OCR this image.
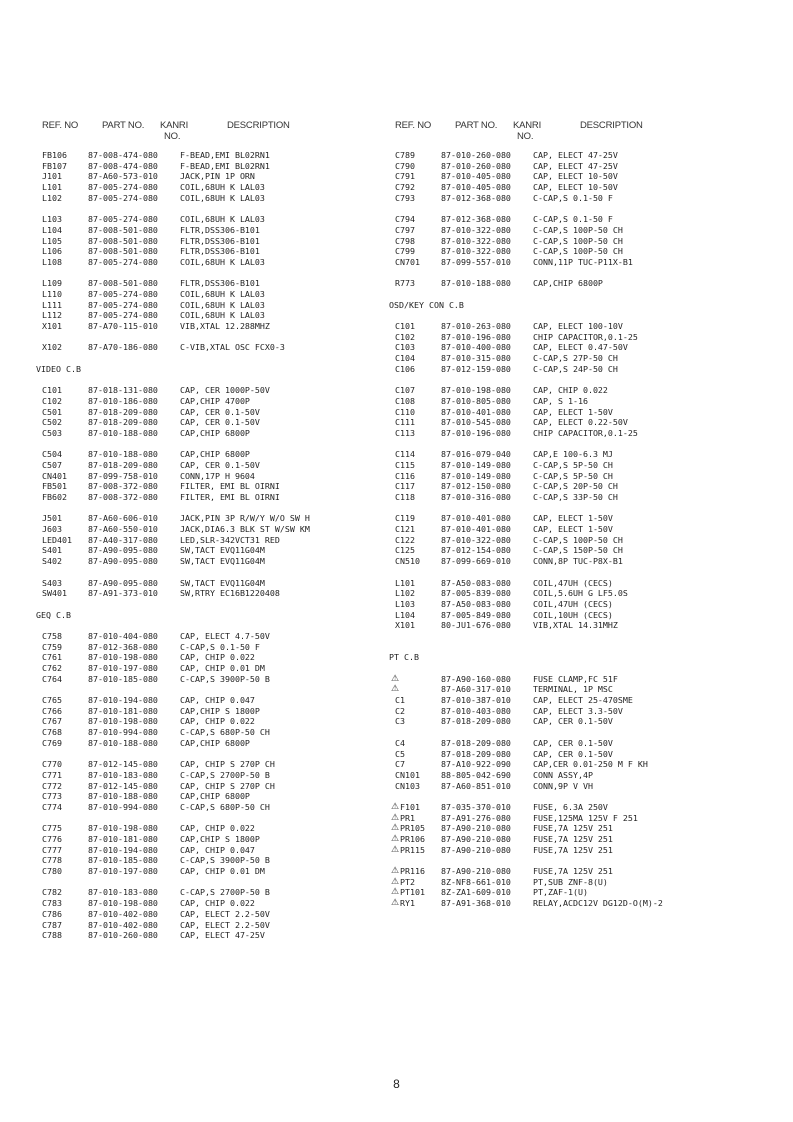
REF. NO	PART NO. KANRI
NO.
DESCRIPTION
FB106	87-008-474-080	F-BEAD,EMI BL02RN1
FB107	87-008-474-080	F-BEAD,EMI BL02RN1
J101	87-A60-573-010	JACK,PIN 1P ORN
L101	87-005-274-080	COIL,68UH K LAL03
L102	87-005-274-080	COIL,68UH K LAL03
L103	87-005-274-080	COIL,68UH K LAL03
L104	87-008-501-080	FLTR,DSS306-B101
L105	87-008-501-080	FLTR,DSS306-B101
L106	87-008-501-080	FLTR,DSS306-B101
L108	87-005-274-080	COIL,68UH K LAL03
L109	87-008-501-080	FLTR,DSS306-B101
L110	87-005-274-080	COIL,68UH K LAL03
L111	87-005-274-080	COIL,68UH K LAL03
L112	87-005-274-080	COIL,68UH K LAL03
X101	87-A70-115-010	VIB,XTAL 12.288MHZ
X102	87-A70-186-080	C-VIB,XTAL OSC FCX0-3
VIDEO C.B
C101	87-018-131-080	CAP, CER 1000P-50V
C102	87-010-186-080	CAP,CHIP 4700P
C501	87-018-209-080	CAP, CER 0.1-50V
C502	87-018-209-080	CAP, CER 0.1-50V
C503	87-010-188-080	CAP,CHIP 6800P
C504	87-010-188-080	CAP,CHIP 6800P
C507	87-018-209-080	CAP, CER 0.1-50V
CN401	87-099-758-010	CONN,17P H 9604
FB501	87-008-372-080	FILTER, EMI BL OIRNI
FB602	87-008-372-080	FILTER, EMI BL OIRNI
J501	87-A60-606-010	JACK,PIN 3P R/W/Y W/O SW H
J603	87-A60-550-010	JACK,DIA6.3 BLK ST W/SW KM
LED401 87-A40-317-080	LED,SLR-342VCT31 RED
S401	87-A90-095-080	SW,TACT EVQ11G04M
S402	87-A90-095-080	SW,TACT EVQ11G04M
S403	87-A90-095-080	SW,TACT EVQ11G04M
SW401	87-A91-373-010	SW,RTRY EC16B1220408
GEQ C.B
C758	87-010-404-080	CAP, ELECT 4.7-50V
C759	87-012-368-080	C-CAP,S 0.1-50 F
C761	87-010-198-080	CAP, CHIP 0.022
C762	87-010-197-080	CAP, CHIP 0.01 DM
C764	87-010-185-080	C-CAP,S 3900P-50 B
C765	87-010-194-080	CAP, CHIP 0.047
C766	87-010-181-080	CAP,CHIP S 1800P
C767	87-010-198-080	CAP, CHIP 0.022
C768	87-010-994-080	C-CAP,S 680P-50 CH
C769	87-010-188-080	CAP,CHIP 6800P
C770	87-012-145-080	CAP, CHIP S 270P CH
C771	87-010-183-080	C-CAP,S 2700P-50 B
C772	87-012-145-080	CAP, CHIP S 270P CH
C773	87-010-188-080	CAP,CHIP 6800P
C774	87-010-994-080	C-CAP,S 680P-50 CH
C775	87-010-198-080	CAP, CHIP 0.022
C776	87-010-181-080	CAP,CHIP S 1800P
C777	87-010-194-080	CAP, CHIP 0.047
C778	87-010-185-080	C-CAP,S 3900P-50 B
C780	87-010-197-080	CAP, CHIP 0.01 DM
C782	87-010-183-080	C-CAP,S 2700P-50 B
C783	87-010-198-080	CAP, CHIP 0.022
C786	87-010-402-080	CAP, ELECT 2.2-50V
C787	87-010-402-080	CAP, ELECT 2.2-50V
C788	87-010-260-080	CAP, ELECT 47-25V
REF. NO	PART NO. KANRI
NO.
DESCRIPTION
C789	87-010-260-080	CAP, ELECT 47-25V
C790	87-010-260-080	CAP, ELECT 47-25V
C791	87-010-405-080	CAP, ELECT 10-50V
C792	87-010-405-080	CAP, ELECT 10-50V
C793	87-012-368-080	C-CAP,S 0.1-50 F
C794	87-012-368-080	C-CAP,S 0.1-50 F
C797	87-010-322-080	C-CAP,S 100P-50 CH
C798	87-010-322-080	C-CAP,S 100P-50 CH
C799	87-010-322-080	C-CAP,S 100P-50 CH
CN701	87-099-557-010	CONN,11P TUC-P11X-B1
R773	87-010-188-080	CAP,CHIP 6800P
OSD/KEY CON C.B
C101	87-010-263-080	CAP, ELECT 100-10V
C102	87-010-196-080	CHIP CAPACITOR,0.1-25
C103	87-010-400-080	CAP, ELECT 0.47-50V
C104	87-010-315-080	C-CAP,S 27P-50 CH
C106	87-012-159-080	C-CAP,S 24P-50 CH
C107	87-010-198-080	CAP, CHIP 0.022
C108	87-010-805-080	CAP, S 1-16
C110	87-010-401-080	CAP, ELECT 1-50V
C111	87-010-545-080	CAP, ELECT 0.22-50V
C113	87-010-196-080	CHIP CAPACITOR,0.1-25
C114	87-016-079-040	CAP,E 100-6.3 MJ
C115	87-010-149-080	C-CAP,S 5P-50 CH
C116	87-010-149-080	C-CAP,S 5P-50 CH
C117	87-012-150-080	C-CAP,S 20P-50 CH
C118	87-010-316-080	C-CAP,S 33P-50 CH
C119	87-010-401-080	CAP, ELECT 1-50V
C121	87-010-401-080	CAP, ELECT 1-50V
C122	87-010-322-080	C-CAP,S 100P-50 CH
C125	87-012-154-080	C-CAP,S 150P-50 CH
CN510	87-099-669-010	CONN,8P TUC-P8X-B1
L101	87-A50-083-080	COIL,47UH (CECS)
L102	87-005-839-080	COIL,5.6UH G LF5.0S
L103	87-A50-083-080	COIL,47UH (CECS)
L104	87-005-849-080	COIL,10UH (CECS)
X101	80-JU1-676-080	VIB,XTAL 14.31MHZ
PT C.B
⚠	87-A90-160-080	FUSE CLAMP,FC 51F
⚠	87-A60-317-010	TERMINAL, 1P MSC
C1	87-010-387-010	CAP, ELECT 25-470SME
C2	87-010-403-080	CAP, ELECT 3.3-50V
C3	87-018-209-080	CAP, CER 0.1-50V
C4	87-018-209-080	CAP, CER 0.1-50V
C5	87-018-209-080	CAP, CER 0.1-50V
C7	87-A10-922-090	CAP,CER 0.01-250 M F KH
CN101	88-805-042-690	CONN ASSY,4P
CN103	87-A60-851-010	CONN,9P V VH
⚠ F101	87-035-370-010	FUSE, 6.3A 250V
⚠ PR1	87-A91-276-080	FUSE,125MA 125V F 251
⚠ PR105 87-A90-210-080	FUSE,7A 125V 251
⚠ PR106 87-A90-210-080	FUSE,7A 125V 251
⚠ PR115 87-A90-210-080	FUSE,7A 125V 251
⚠ PR116 87-A90-210-080	FUSE,7A 125V 251
⚠ PT2	8Z-NF8-661-010	PT,SUB ZNF-8(U)
⚠ PT101 8Z-ZA1-609-010	PT,ZAF-1(U)
⚠ RY1	87-A91-368-010	RELAY,ACDC12V DG12D-O(M)-2
8
